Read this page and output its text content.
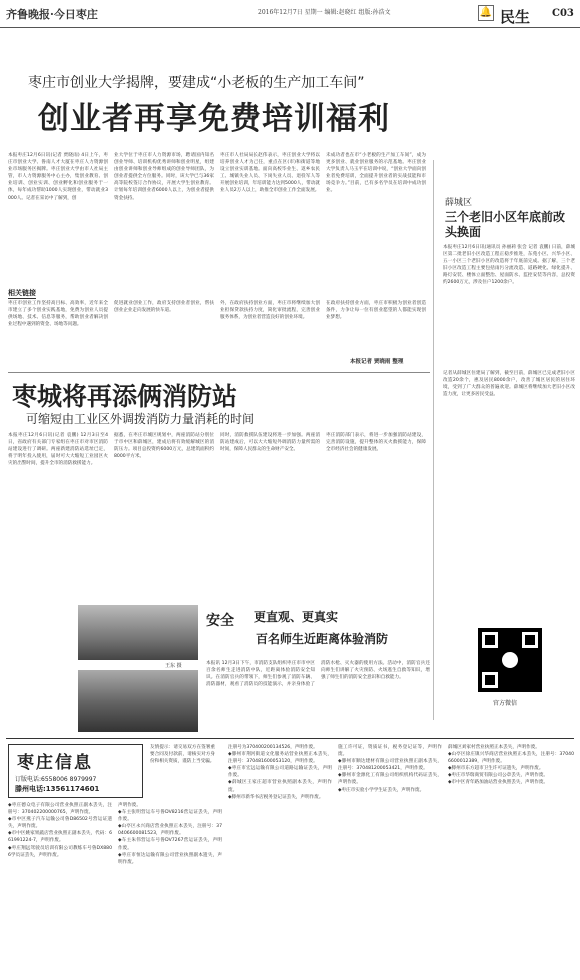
齐鲁晚报·今日枣庄	2016年12月7日 星期一 编辑:赵晓红 组版:孙浩文	🔔 民生 C03
枣庄市创业大学揭牌，要建成“小老板的生产加工车间”
创业者再享免费培训福利
本报枣庄12月6日讯(记者 贾晓雨) 4日上午，枣庄市创业大学、鲁南人才大厦在枣庄人力资源创业市场服务区揭牌。枣庄创业大学由市人社局主管，市人力资源服务中心主办，集创业教育、创业培训、创业实训、创业孵化和创业服务于一体，每年成功帮助1000人实现创业，带动就业3000人。记者在采访中了解到，创
业大学位于枣庄市人力资源市场，聘请国内知名创业导师、培训机构优秀讲师和创业明星，组建由创业讲师和创业导师组成的创业导师团队，为创业者提供全方位服务。同时，该大学已与36家高等院校签订合作协议，开展大学生创业教育。计划每年培训创业者6000人以上，为创业者提供资金扶持。
枣庄市人社局局长赵伟表示，枣庄创业大学将以培养创业人才为己任，重点在区(市)和街道等地设立创业实训基地。面向高校毕业生、返乡农民工、城镇失业人员、下岗失业人员、退役军人等开展创业培训，年培训能力达到5000人，带动就业人员2万人以上，助推全市创业工作全面发展。
未成功者也在市“小老板的生产加工车间”，成为更多创业、就业创业服务的示范基地。枣庄创业大学负责人马玉平在培训中说，“创业大学面向创业者免费培训，全面提升创业者的实战技能和市场竞争力。”目前，已有多名学员在培训中成功创业。
相关链接
枣庄市创业工作坚持高目标、高效率，近年来全市建立了多个创业实践基地，免费为创业人员提供场地、技术、信息等服务，帮助创业者解决创业过程中遇到的资金、场地等问题。
促进就业创业工作，政府支持创业者创业，帮扶创业企业走向发展的快车道。
外，在政府扶持创业方面，枣庄市将继续加大创业担保贷款扶持力度，简化审批流程，完善创业服务体系，为创业者营造良好的创业环境。
在政府扶持创业方面，枣庄市积极为创业者创造条件，力争让每一位有创业愿望的人都能实现创业梦想。
本报记者 贾晓雨 整理
枣城将再添俩消防站
可缩短由工业区外调拨消防力量消耗的时间
本报枣庄12月6日讯(记者 袁鹏) 12月3日至4日，省政府有关部门专家组在枣庄市对市区消防站建设进行了调研。两座新建消防站选址已定，将于明年投入使用，届时可大大缩短工业园区火灾的出警时间，提升全市的消防救援能力。
据悉，在枣庄市城区规划中，两座消防站分别位于市中区和薛城区，建成后将有效缓解城区的消防压力。项目总投资约6000万元，总建筑面积约8000平方米。
同时，消防救援队伍建设将进一步加强。两座消防站建成后，可以大大缩短外调消防力量所需的时间，保障人民群众的生命财产安全。
枣庄消防部门表示，将进一步加强消防站建设，完善消防设施，提升整体的灭火救援能力，保障全市经济社会的健康发展。
薛城区
三个老旧小区年底前改头换面
本报枣庄12月6日讯(通讯员 孙丽莉 张会 记者 袁鹏) 日前，薛城区第二批老旧小区改造工程正稳步推进，东苑小区、兴华小区、五一小区三个老旧小区的改造将于年底前完成。据了解，三个老旧小区改造工程主要包括雨污分流改造、道路硬化、绿化提升、路灯安装、楼体立面整治、屋面防水、监控安装等内容，总投资约2600万元，涉及住户1200余户。
记者从薛城区住建局了解到，截至目前，薛城区已完成老旧小区改造20余个，惠及居民8000余户，改善了城区居民的居住环境，受到了广大群众的普遍欢迎。薛城区将继续加大老旧小区改造力度，让更多居民受益。
官方微信
王东 摄
安全 更直观、更真实
百名师生近距离体验消防
本报讯 12月3日下午，市消防支队组织枣庄市市中区百余名师生走进消防中队，近距离体验消防安全知识。在消防官兵的带领下，师生们参观了消防车辆、消防器材，观看了消防员的技能演示，并亲身体验了消防水枪、灭火器的使用方法。活动中，消防官兵还向师生们讲解了火灾预防、火场逃生自救等知识，增强了师生们的消防安全意识和自救能力。
枣庄信息
订版电话:6558006 8979997
滕州电话:13561174601
友情提示：请交易双方在签署重要合同及付款前，请核实对方身份和相关资质，谨防上当受骗。
◆枣庄德众电子有限公司营业执照正副本丢失，注册号：370402200000765，声明作废。
◆市中区燕子汽车运输公司鲁D86502号营运证遗失，声明作废。
◆市中区姚家果蔬店营业执照正副本丢失，代码：661991224-7，声明作废。
◆枣庄翔远驾驶员培训有限公司教练车号鲁DX8806学员证丢失，声明作废。
声明作废。
◆车主张明营运车号鲁DV8216营运证丢失，声明作废。
◆山亭区永兴商店营业执照正本丢失，注册号：370406600081523，声明作废。
◆车主朱伟营运车号鲁DV7267营运证丢失，声明作废。
◆枣庄市恒达运输有限公司营业执照副本遗失，声明作废。
注册号为370400200134526，声明作废。
◆滕州市荆河街道文化服务站营业执照正本丢失，注册号：370481600053120，声明作废。
◆枣庄市宏远运输有限公司道路运输证丢失，声明作废。
◆薛城区王家庄超市营业执照副本丢失，声明作废。
◆滕州市新华书店税务登记证丢失，声明作废。
施工许可证，资质证书，税务登记证等，声明作废。
◆滕州市顺达建材有限公司营业执照正副本丢失，注册号：370481200053421，声明作废。
◆滕州市金源化工有限公司组织机构代码证丢失，声明作废。
◆枣庄市实验小学学生证丢失，声明作废。
薛城区刘家村营业执照正本丢失，声明作废。
◆山亭区徐庄镇兴华商店营业执照正本丢失，注册号：370406600012389，声明作废。
◆滕州市东方超市卫生许可证遗失，声明作废。
◆枣庄市华瑞商贸有限公司公章丢失，声明作废。
◆市中区青年路加油站营业执照丢失，声明作废。
